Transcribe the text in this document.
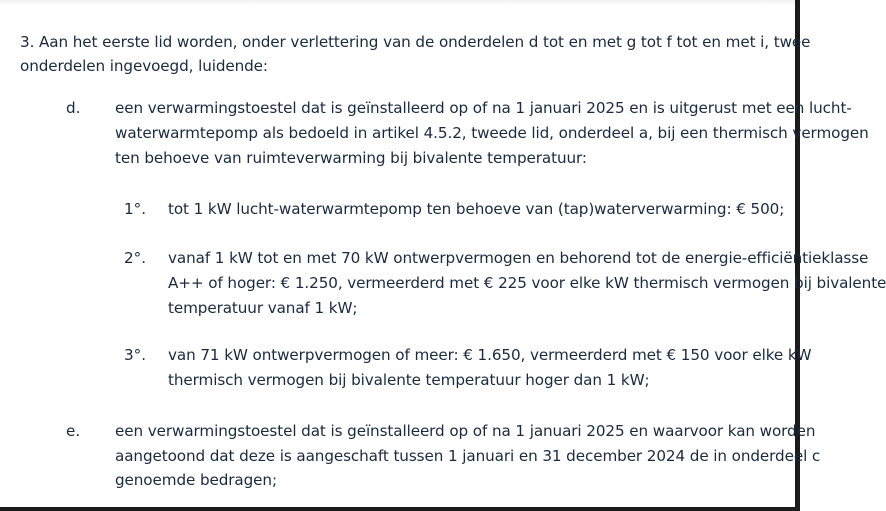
3. Aan het eerste lid worden, onder verlettering van de onderdelen d tot en met g tot f tot en met i, twee
onderdelen ingevoegd, luidende:
d. een verwarmingstoestel dat is geïnstalleerd op of na 1 januari 2025 en is uitgerust met een lucht-
waterwarmtepomp als bedoeld in artikel 4.5.2, tweede lid, onderdeel a, bij een thermisch vermogen
ten behoeve van ruimteverwarming bij bivalente temperatuur:
1°. tot 1 kW lucht-waterwarmtepomp ten behoeve van (tap)waterverwarming: € 500;
2°. vanaf 1 kW tot en met 70 kW ontwerpvermogen en behorend tot de energie-efficiëntieklasse
A++ of hoger: € 1.250, vermeerderd met € 225 voor elke kW thermisch vermogen bij bivalente
temperatuur vanaf 1 kW;
3°. van 71 kW ontwerpvermogen of meer: € 1.650, vermeerderd met € 150 voor elke kW
thermisch vermogen bij bivalente temperatuur hoger dan 1 kW;
e. een verwarmingstoestel dat is geïnstalleerd op of na 1 januari 2025 en waarvoor kan worden
aangetoond dat deze is aangeschaft tussen 1 januari en 31 december 2024 de in onderdeel c
genoemde bedragen;
